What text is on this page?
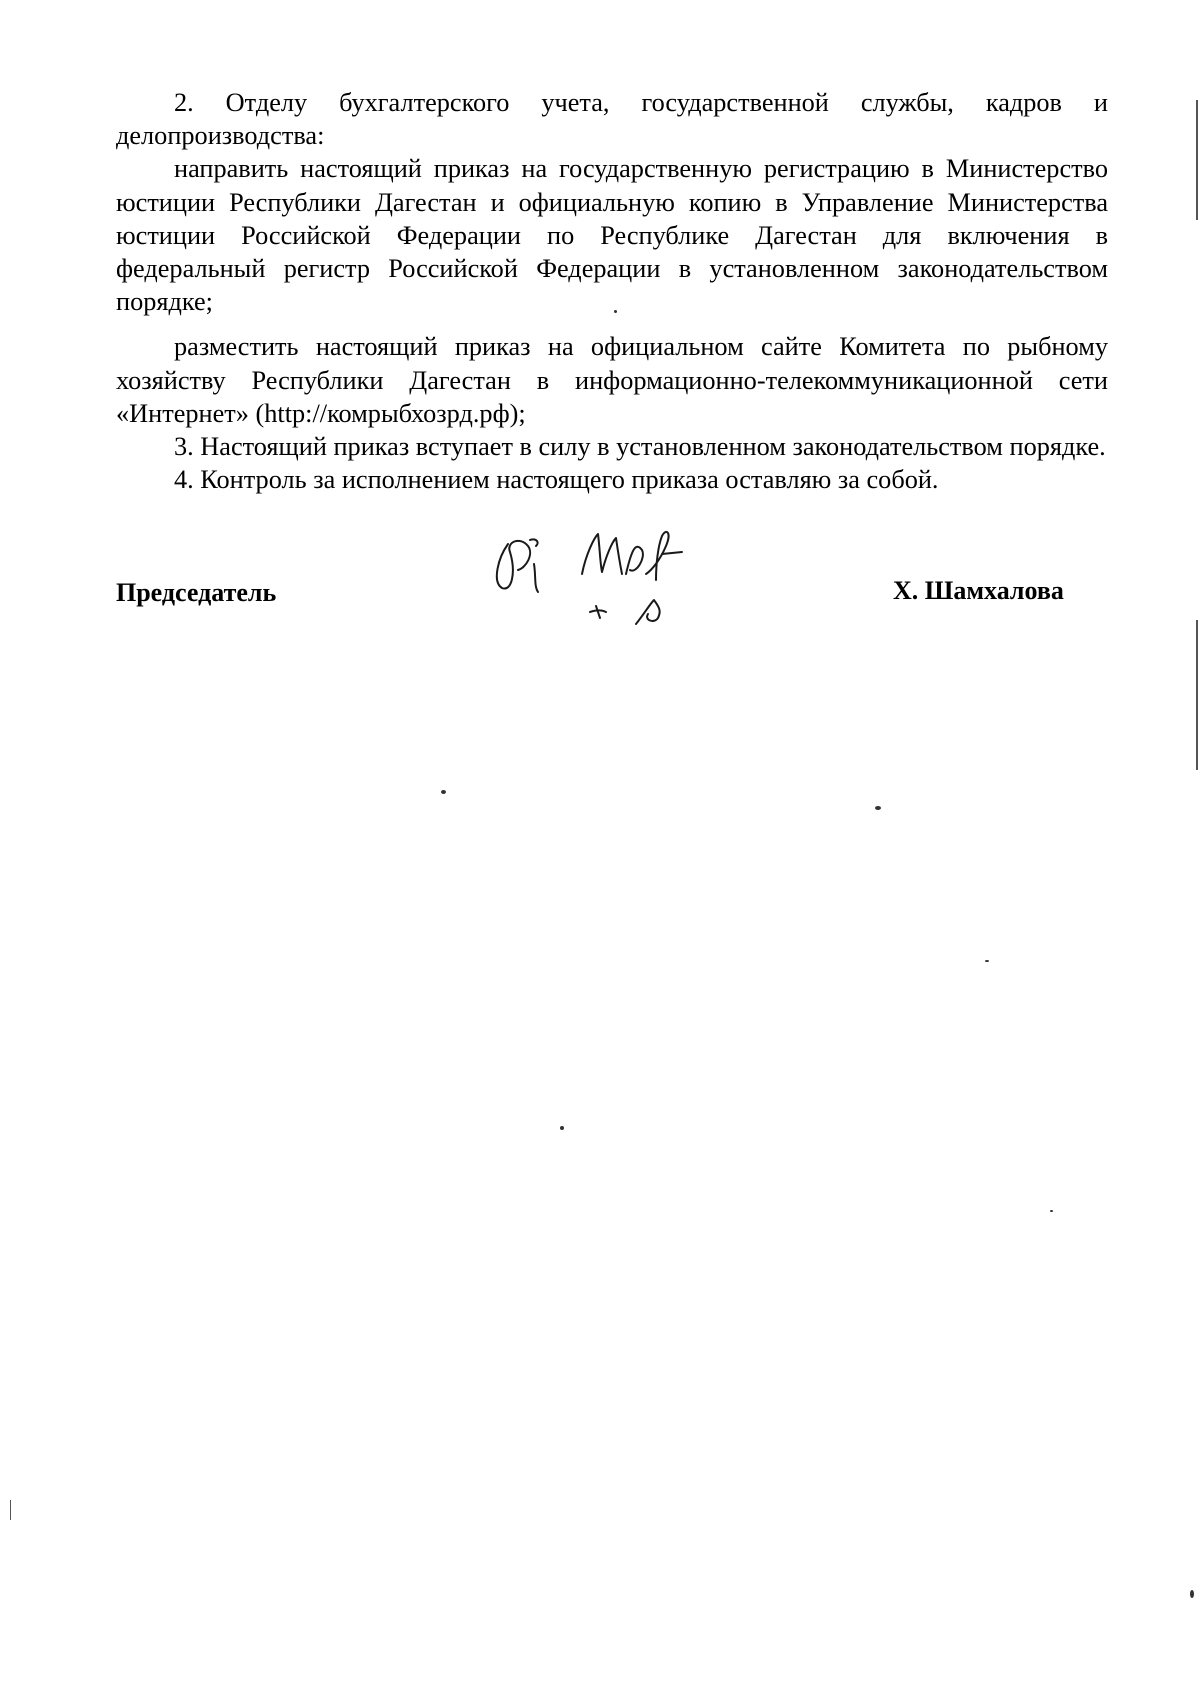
2. Отделу бухгалтерского учета, государственной службы, кадров и делопроизводства:

направить настоящий приказ на государственную регистрацию в Министерство юстиции Республики Дагестан и официальную копию в Управление Министерства юстиции Российской Федерации по Республике Дагестан для включения в федеральный регистр Российской Федерации в установленном законодательством порядке;

разместить настоящий приказ на официальном сайте Комитета по рыбному хозяйству Республики Дагестан в информационно-телекоммуникационной сети «Интернет» (http://комрыбхозрд.рф);

3. Настоящий приказ вступает в силу в установленном законодательством порядке.

4. Контроль за исполнением настоящего приказа оставляю за собой.

Председатель	Х. Шамхалова
